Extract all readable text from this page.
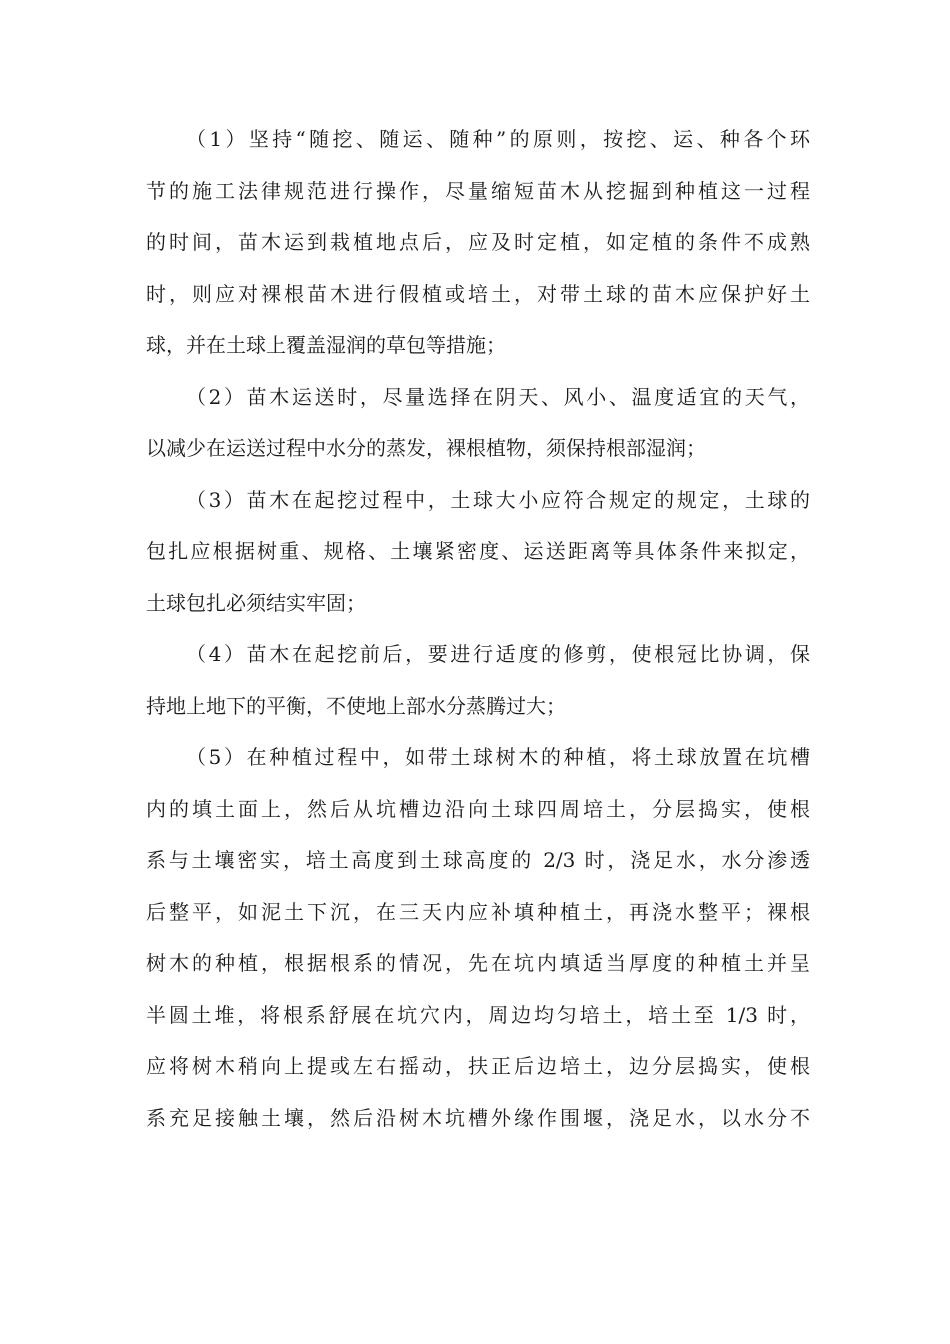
（1）坚持“随挖、随运、随种”的原则，按挖、运、种各个环
节的施工法律规范进行操作，尽量缩短苗木从挖掘到种植这一过程
的时间，苗木运到栽植地点后，应及时定植，如定植的条件不成熟
时，则应对裸根苗木进行假植或培土，对带土球的苗木应保护好土
球，并在土球上覆盖湿润的草包等措施；
（2）苗木运送时，尽量选择在阴天、风小、温度适宜的天气，
以减少在运送过程中水分的蒸发，裸根植物，须保持根部湿润；
（3）苗木在起挖过程中，土球大小应符合规定的规定，土球的
包扎应根据树重、规格、土壤紧密度、运送距离等具体条件来拟定，
土球包扎必须结实牢固；
（4）苗木在起挖前后，要进行适度的修剪，使根冠比协调，保
持地上地下的平衡，不使地上部水分蒸腾过大；
（5）在种植过程中，如带土球树木的种植，将土球放置在坑槽
内的填土面上，然后从坑槽边沿向土球四周培土，分层捣实，使根
系与土壤密实，培土高度到土球高度的 2/3 时，浇足水，水分渗透
后整平，如泥土下沉，在三天内应补填种植土，再浇水整平；裸根
树木的种植，根据根系的情况，先在坑内填适当厚度的种植土并呈
半圆土堆，将根系舒展在坑穴内，周边均匀培土，培土至 1/3 时，
应将树木稍向上提或左右摇动，扶正后边培土，边分层捣实，使根
系充足接触土壤，然后沿树木坑槽外缘作围堰，浇足水，以水分不
